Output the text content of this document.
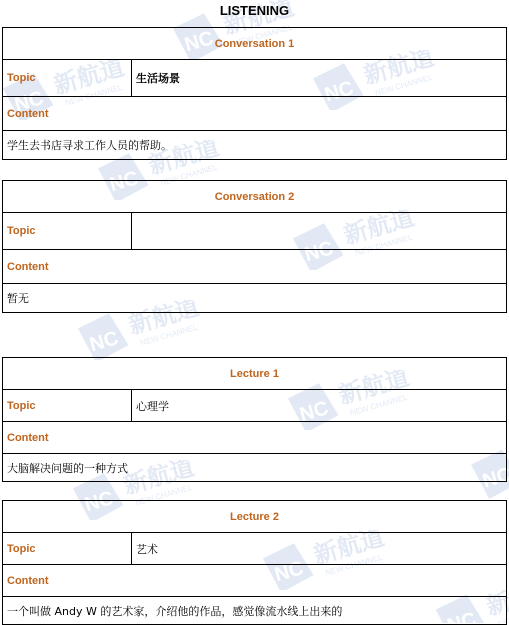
LISTENING
Conversation 1
Topic	生活场景
Content
学生去书店寻求工作人员的帮助。
Conversation 2
Topic	
Content
暂无
Lecture 1
Topic	心理学
Content
大脑解决问题的一种方式
Lecture 2
Topic	艺术
Content
一个叫做 Andy W 的艺术家，介绍他的作品，感觉像流水线上出来的
